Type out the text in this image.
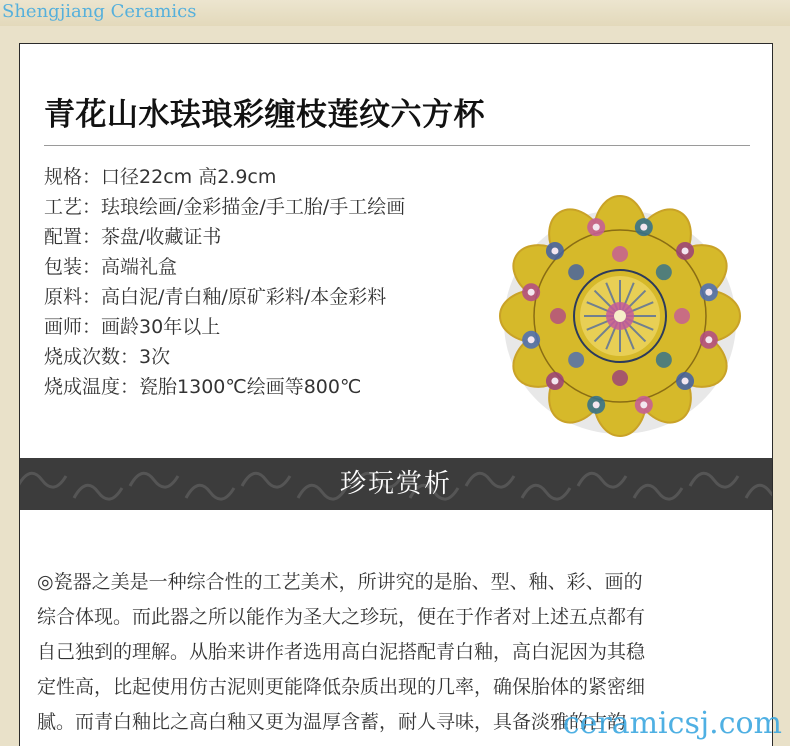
Shengjiang Ceramics
青花山水珐琅彩缠枝莲纹六方杯
规格：口径22cm 高2.9cm
工艺：珐琅绘画/金彩描金/手工胎/手工绘画
配置：茶盘/收藏证书
包装：高端礼盒
原料：高白泥/青白釉/原矿彩料/本金彩料
画师：画龄30年以上
烧成次数：3次
烧成温度：瓷胎1300℃绘画等800℃
珍玩赏析
◎瓷器之美是一种综合性的工艺美术，所讲究的是胎、型、釉、彩、画的
综合体现。而此器之所以能作为圣大之珍玩，便在于作者对上述五点都有
自己独到的理解。从胎来讲作者选用高白泥搭配青白釉，高白泥因为其稳
定性高，比起使用仿古泥则更能降低杂质出现的几率，确保胎体的紧密细
腻。而青白釉比之高白釉又更为温厚含蓄，耐人寻味，具备淡雅的古韵
ceramicsj.com
